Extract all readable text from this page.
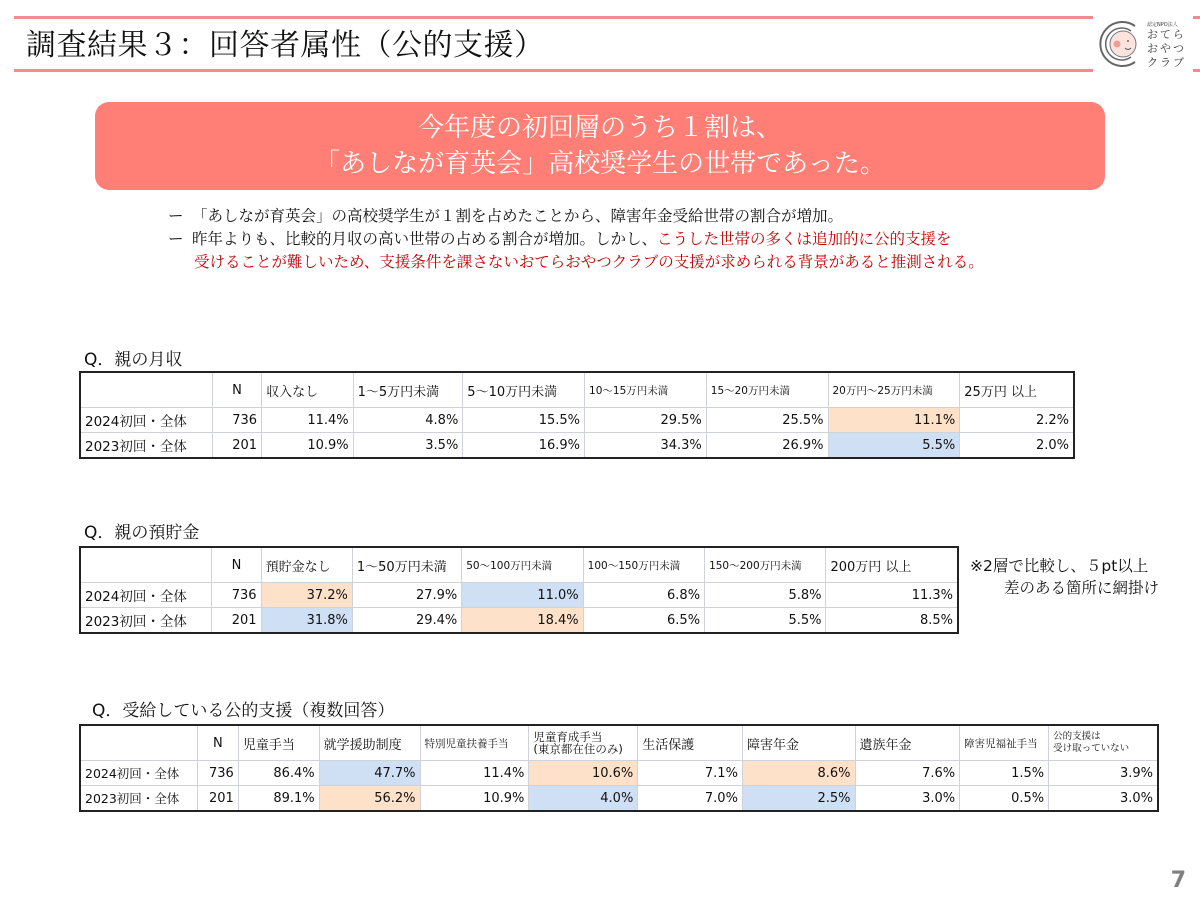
調査結果３：回答者属性（公的支援）
認定NPO法人
おてら
おやつ
クラブ
今年度の初回層のうち１割は、
「あしなが育英会」高校奨学生の世帯であった。
ー 「あしなが育英会」の高校奨学生が１割を占めたことから、障害年金受給世帯の割合が増加。
ー 昨年よりも、比較的月収の高い世帯の占める割合が増加。しかし、こうした世帯の多くは追加的に公的支援を
受けることが難しいため、支援条件を課さないおてらおやつクラブの支援が求められる背景があると推測される。
Q．親の月収
	N	収入なし	1～5万円未満	5～10万円未満	10～15万円未満	15～20万円未満	20万円～25万円未満	25万円 以上
2024初回・全体	736	11.4%	4.8%	15.5%	29.5%	25.5%	11.1%	2.2%
2023初回・全体	201	10.9%	3.5%	16.9%	34.3%	26.9%	5.5%	2.0%
Q．親の預貯金
	N	預貯金なし	1～50万円未満	50～100万円未満	100～150万円未満	150～200万円未満	200万円 以上
2024初回・全体	736	37.2%	27.9%	11.0%	6.8%	5.8%	11.3%
2023初回・全体	201	31.8%	29.4%	18.4%	6.5%	5.5%	8.5%
※2層で比較し、５pt以上
差のある箇所に網掛け
Q．受給している公的支援（複数回答）
	N	児童手当	就学援助制度	特別児童扶養手当	児童育成手当
(東京都在住のみ)	生活保護	障害年金	遺族年金	障害児福祉手当	
公的支援は
受け取っていない

2024初回・全体	736	86.4%	47.7%	11.4%	10.6%	7.1%	8.6%	7.6%	1.5%	3.9%
2023初回・全体	201	89.1%	56.2%	10.9%	4.0%	7.0%	2.5%	3.0%	0.5%	3.0%
7
